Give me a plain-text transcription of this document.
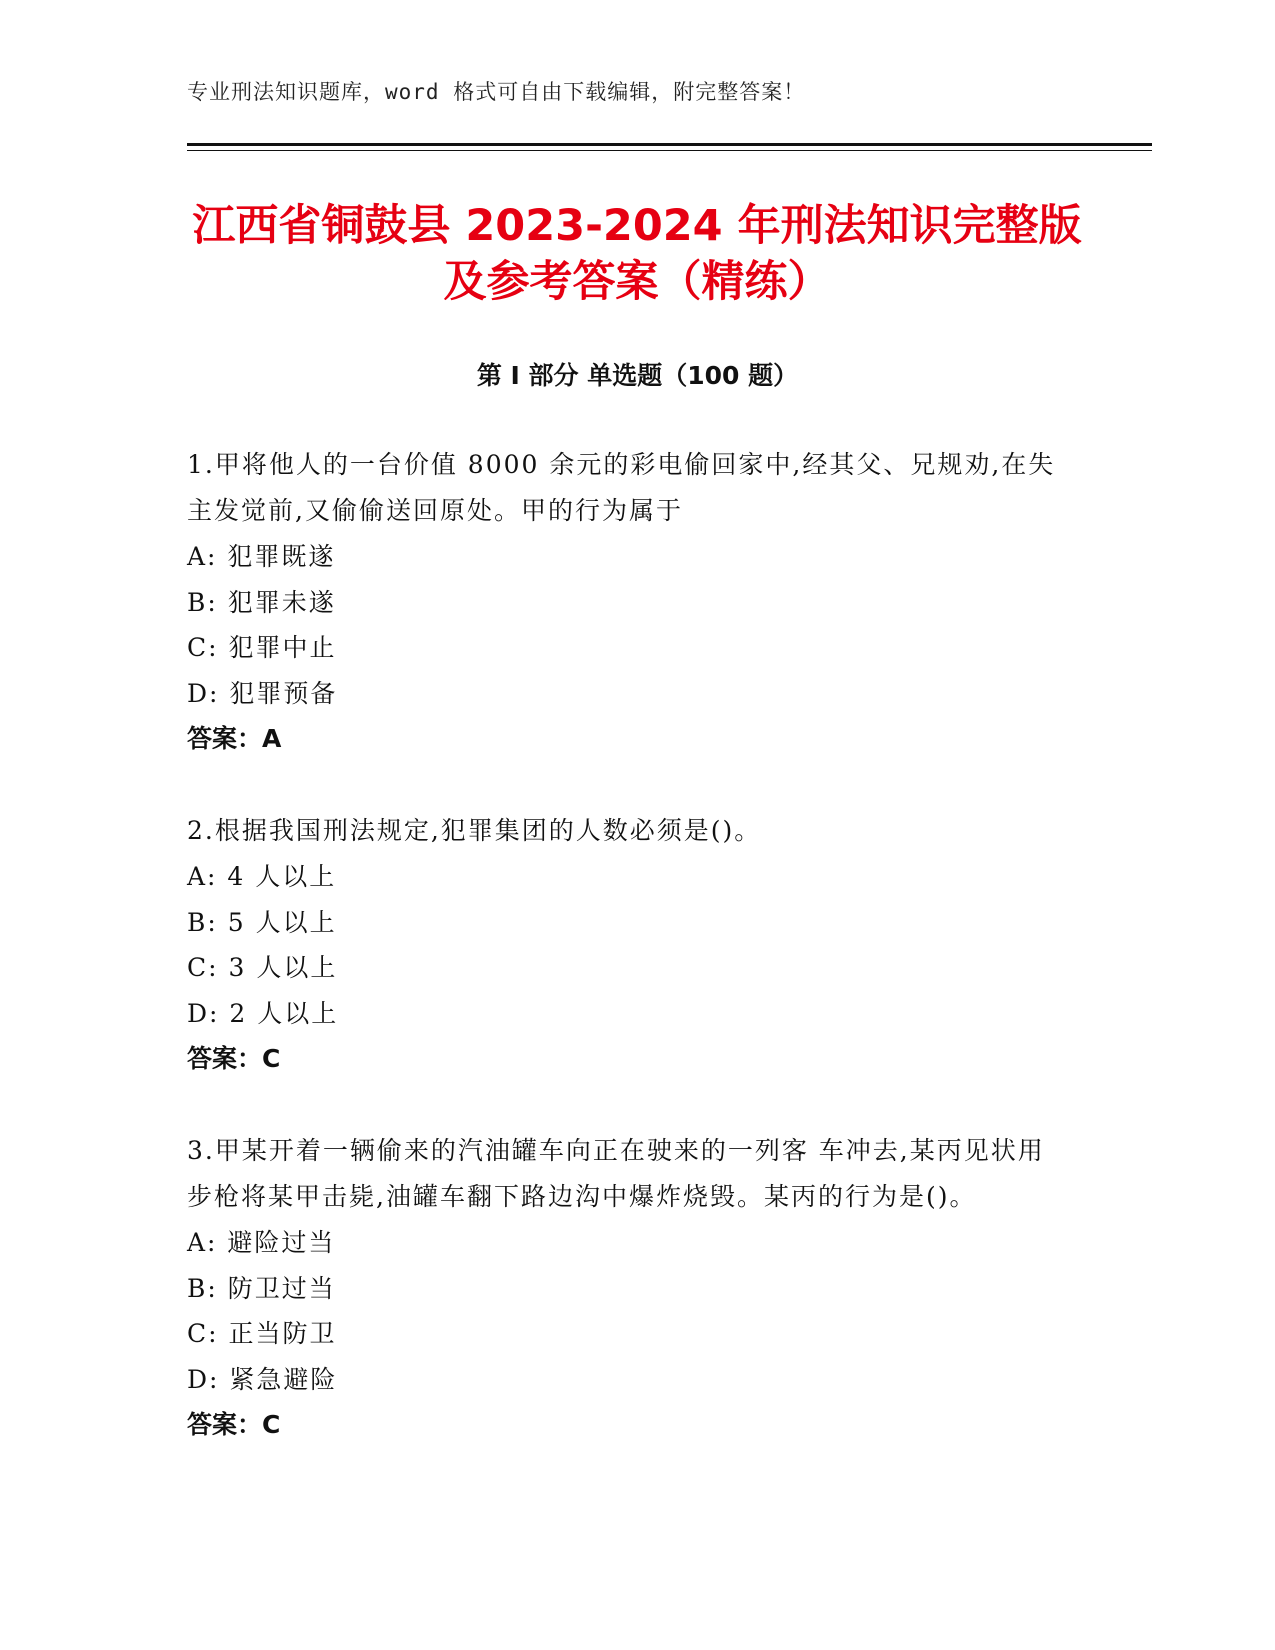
专业刑法知识题库，word 格式可自由下载编辑，附完整答案！
江西省铜鼓县 2023-2024 年刑法知识完整版及参考答案（精练）
第 I 部分 单选题（100 题）
1.甲将他人的一台价值 8000 余元的彩电偷回家中,经其父、兄规劝,在失主发觉前,又偷偷送回原处。甲的行为属于
A: 犯罪既遂
B: 犯罪未遂
C: 犯罪中止
D: 犯罪预备
答案：A
2.根据我国刑法规定,犯罪集团的人数必须是()。
A: 4 人以上
B: 5 人以上
C: 3 人以上
D: 2 人以上
答案：C
3.甲某开着一辆偷来的汽油罐车向正在驶来的一列客 车冲去,某丙见状用步枪将某甲击毙,油罐车翻下路边沟中爆炸烧毁。某丙的行为是()。
A: 避险过当
B: 防卫过当
C: 正当防卫
D: 紧急避险
答案：C
